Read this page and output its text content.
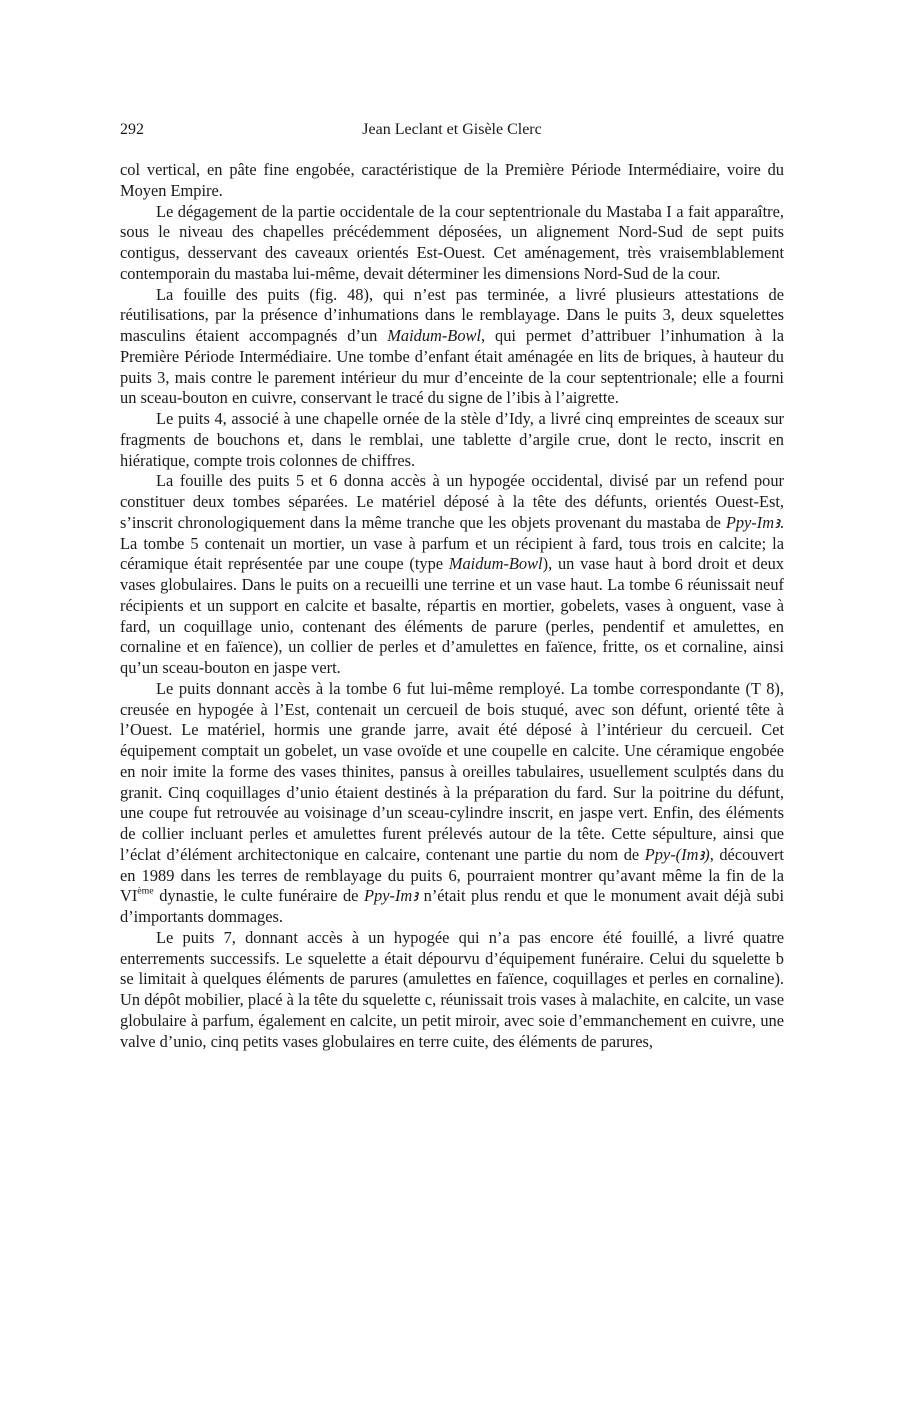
292	Jean Leclant et Gisèle Clerc

col vertical, en pâte fine engobée, caractéristique de la Première Période Intermédiaire, voire du Moyen Empire.

Le dégagement de la partie occidentale de la cour septentrionale du Mastaba I a fait apparaître, sous le niveau des chapelles précédemment déposées, un alignement Nord-Sud de sept puits contigus, desservant des caveaux orientés Est-Ouest. Cet aménagement, très vraisemblablement contemporain du mastaba lui-même, devait déterminer les dimensions Nord-Sud de la cour.

La fouille des puits (fig. 48), qui n’est pas terminée, a livré plusieurs attestations de réutilisations, par la présence d’inhumations dans le remblayage. Dans le puits 3, deux squelettes masculins étaient accompagnés d’un Maidum-Bowl, qui permet d’attribuer l’inhumation à la Première Période Intermédiaire. Une tombe d’enfant était aménagée en lits de briques, à hauteur du puits 3, mais contre le parement intérieur du mur d’enceinte de la cour septentrionale; elle a fourni un sceau-bouton en cuivre, conservant le tracé du signe de l’ibis à l’aigrette.

Le puits 4, associé à une chapelle ornée de la stèle d’Idy, a livré cinq empreintes de sceaux sur fragments de bouchons et, dans le remblai, une tablette d’argile crue, dont le recto, inscrit en hiératique, compte trois colonnes de chiffres.

La fouille des puits 5 et 6 donna accès à un hypogée occidental, divisé par un refend pour constituer deux tombes séparées. Le matériel déposé à la tête des défunts, orientés Ouest-Est, s’inscrit chronologiquement dans la même tranche que les objets provenant du mastaba de Ppy-Imꜣ. La tombe 5 contenait un mortier, un vase à parfum et un récipient à fard, tous trois en calcite; la céramique était représentée par une coupe (type Maidum-Bowl), un vase haut à bord droit et deux vases globulaires. Dans le puits on a recueilli une terrine et un vase haut. La tombe 6 réunissait neuf récipients et un support en calcite et basalte, répartis en mortier, gobelets, vases à onguent, vase à fard, un coquillage unio, contenant des éléments de parure (perles, pendentif et amulettes, en cornaline et en faïence), un collier de perles et d’amulettes en faïence, fritte, os et cornaline, ainsi qu’un sceau-bouton en jaspe vert.

Le puits donnant accès à la tombe 6 fut lui-même remployé. La tombe correspondante (T 8), creusée en hypogée à l’Est, contenait un cercueil de bois stuqué, avec son défunt, orienté tête à l’Ouest. Le matériel, hormis une grande jarre, avait été déposé à l’intérieur du cercueil. Cet équipement comptait un gobelet, un vase ovoïde et une coupelle en calcite. Une céramique engobée en noir imite la forme des vases thinites, pansus à oreilles tabulaires, usuellement sculptés dans du granit. Cinq coquillages d’unio étaient destinés à la préparation du fard. Sur la poitrine du défunt, une coupe fut retrouvée au voisinage d’un sceau-cylindre inscrit, en jaspe vert. Enfin, des éléments de collier incluant perles et amulettes furent prélevés autour de la tête. Cette sépulture, ainsi que l’éclat d’élément architectonique en calcaire, contenant une partie du nom de Ppy-(Imꜣ), découvert en 1989 dans les terres de remblayage du puits 6, pourraient montrer qu’avant même la fin de la VIème dynastie, le culte funéraire de Ppy-Imꜣ n’était plus rendu et que le monument avait déjà subi d’importants dommages.

Le puits 7, donnant accès à un hypogée qui n’a pas encore été fouillé, a livré quatre enterrements successifs. Le squelette a était dépourvu d’équipement funéraire. Celui du squelette b se limitait à quelques éléments de parures (amulettes en faïence, coquillages et perles en cornaline). Un dépôt mobilier, placé à la tête du squelette c, réunissait trois vases à malachite, en calcite, un vase globulaire à parfum, également en calcite, un petit miroir, avec soie d’emmanchement en cuivre, une valve d’unio, cinq petits vases globulaires en terre cuite, des éléments de parures,
